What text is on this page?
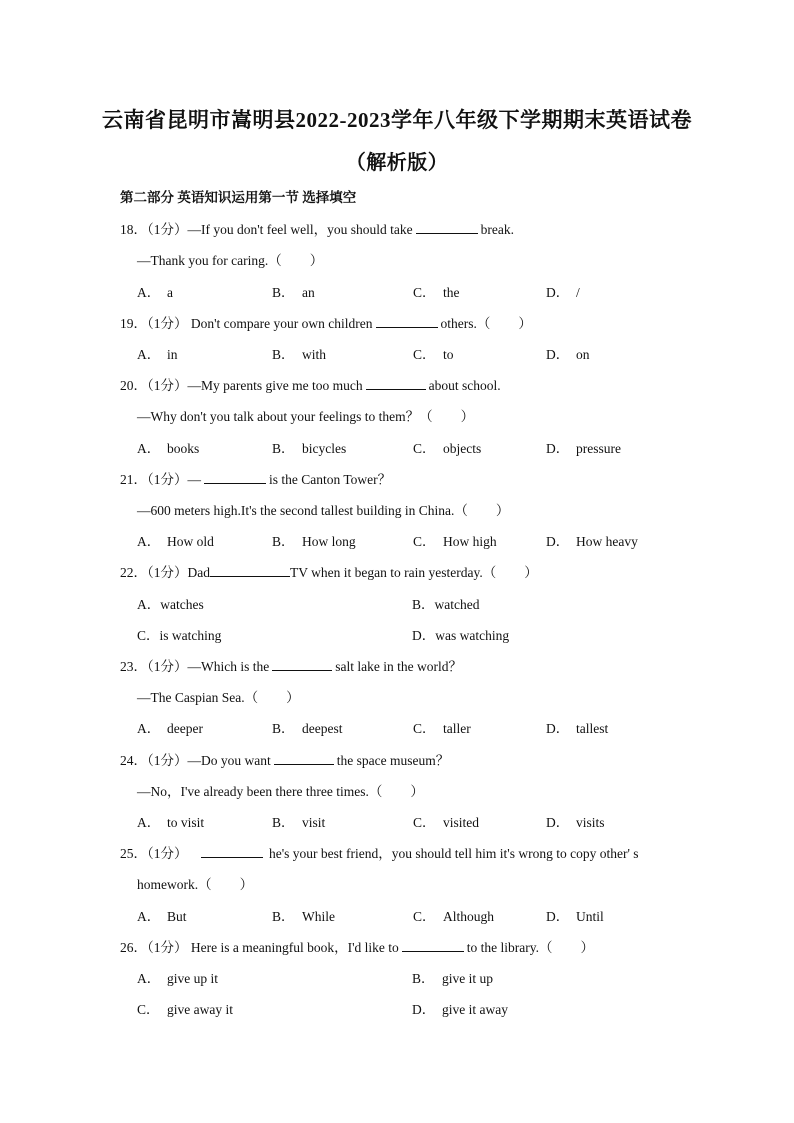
云南省昆明市嵩明县2022-2023学年八年级下学期期末英语试卷
（解析版）
第二部分 英语知识运用第一节 选择填空
18．（1分）—If you don't feel well，you should take	break.
—Thank you for caring.（ ）
A． a	B． an	C． the	D． /
19．（1分） Don't compare your own children	others.（ ）
A． in	B． with	C． to	D． on
20．（1分）—My parents give me too much	about school.
—Why don't you talk about your feelings to them？（ ）
A． books	B． bicycles	C． objects	D． pressure
21．（1分）—	is the Canton Tower？
—600 meters high.It's the second tallest building in China.（ ）
A． How old	B． How long	C． How high	D． How heavy
22．（1分）Dad	TV when it began to rain yesterday.（ ）
A．watches	B．watched
C．is watching	D．was watching
23．（1分）—Which is the	salt lake in the world？
—The Caspian Sea.（ ）
A． deeper	B． deepest	C． taller	D． tallest
24．（1分）—Do you want	the space museum？
—No，I've already been there three times.（ ）
A． to visit	B． visit	C． visited	D． visits
25．（1分）	he's your best friend，you should tell him it's wrong to copy other' s
homework.（ ）
A． But	B． While	C． Although	D． Until
26．（1分） Here is a meaningful book，I'd like to	to the library.（ ）
A． give up it	B． give it up
C． give away it	D． give it away
